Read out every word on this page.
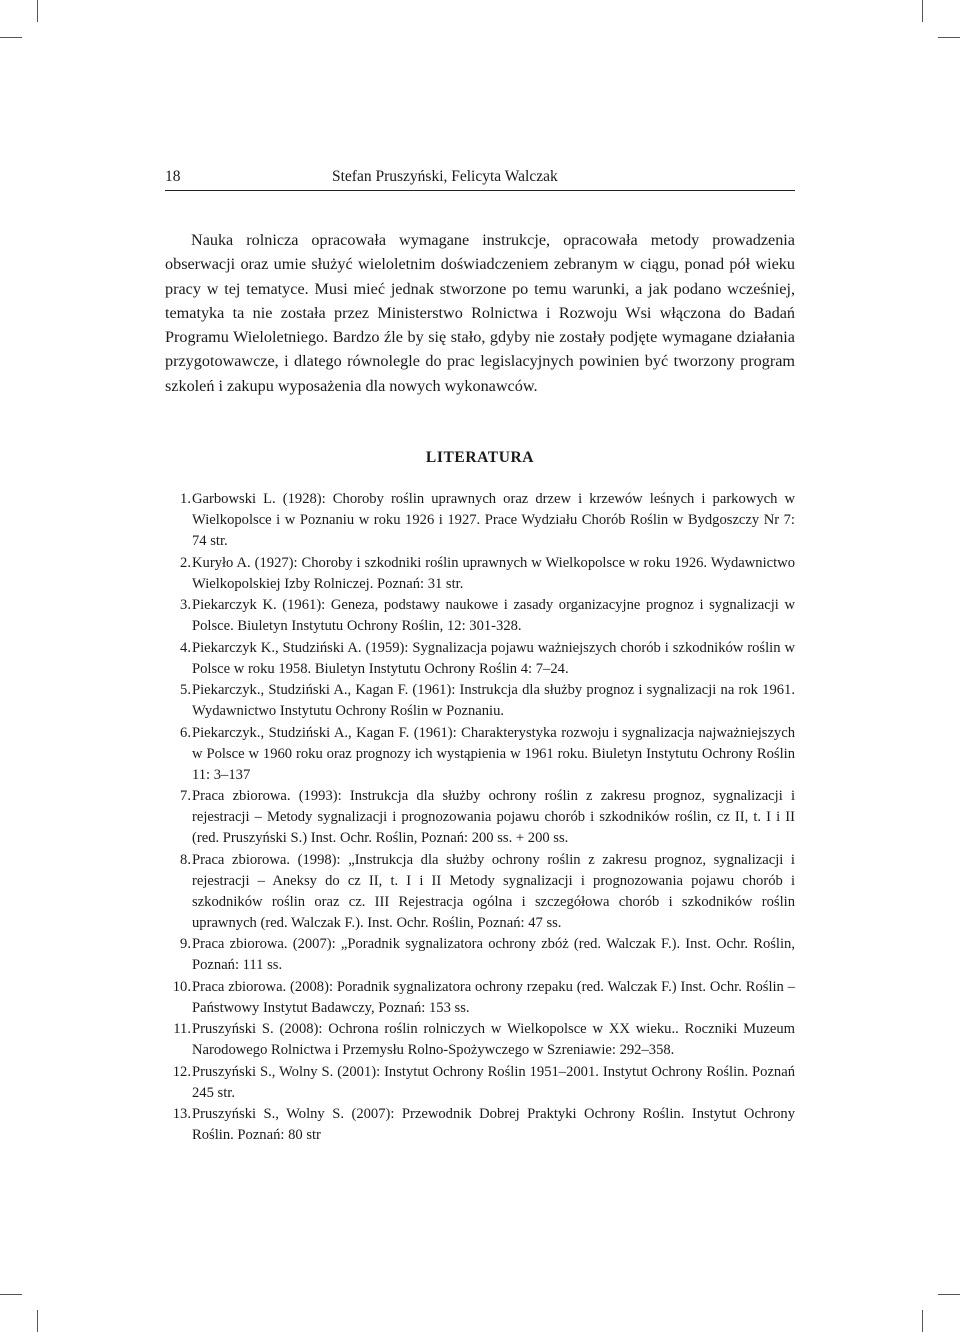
18	Stefan Pruszyński, Felicyta Walczak

Nauka rolnicza opracowała wymagane instrukcje, opracowała metody prowadzenia obserwacji oraz umie służyć wieloletnim doświadczeniem zebranym w ciągu, ponad pół wieku pracy w tej tematyce. Musi mieć jednak stworzone po temu warunki, a jak podano wcześniej, tematyka ta nie została przez Ministerstwo Rolnictwa i Rozwoju Wsi włączona do Badań Programu Wieloletniego. Bardzo źle by się stało, gdyby nie zostały podjęte wymagane działania przygotowawcze, i dlatego równolegle do prac legislacyjnych powinien być tworzony program szkoleń i zakupu wyposażenia dla nowych wykonawców.

LITERATURA
1. Garbowski L. (1928): Choroby roślin uprawnych oraz drzew i krzewów leśnych i parkowych w Wielkopolsce i w Poznaniu w roku 1926 i 1927. Prace Wydziału Chorób Roślin w Bydgoszczy Nr 7: 74 str.
2. Kuryło A. (1927): Choroby i szkodniki roślin uprawnych w Wielkopolsce w roku 1926. Wydawnictwo Wielkopolskiej Izby Rolniczej. Poznań: 31 str.
3. Piekarczyk K. (1961): Geneza, podstawy naukowe i zasady organizacyjne prognoz i sygnalizacji w Polsce. Biuletyn Instytutu Ochrony Roślin, 12: 301-328.
4. Piekarczyk K., Studziński A. (1959): Sygnalizacja pojawu ważniejszych chorób i szkodników roślin w Polsce w roku 1958. Biuletyn Instytutu Ochrony Roślin 4: 7–24.
5. Piekarczyk., Studziński A., Kagan F. (1961): Instrukcja dla służby prognoz i sygnalizacji na rok 1961. Wydawnictwo Instytutu Ochrony Roślin w Poznaniu.
6. Piekarczyk., Studziński A., Kagan F. (1961): Charakterystyka rozwoju i sygnalizacja najważniejszych w Polsce w 1960 roku oraz prognozy ich wystąpienia w 1961 roku. Biuletyn Instytutu Ochrony Roślin 11: 3–137
7. Praca zbiorowa. (1993): Instrukcja dla służby ochrony roślin z zakresu prognoz, sygnalizacji i rejestracji – Metody sygnalizacji i prognozowania pojawu chorób i szkodników roślin, cz II, t. I i II (red. Pruszyński S.) Inst. Ochr. Roślin, Poznań: 200 ss. + 200 ss.
8. Praca zbiorowa. (1998): „Instrukcja dla służby ochrony roślin z zakresu prognoz, sygnalizacji i rejestracji – Aneksy do cz II, t. I i II Metody sygnalizacji i prognozowania pojawu chorób i szkodników roślin oraz cz. III Rejestracja ogólna i szczegółowa chorób i szkodników roślin uprawnych (red. Walczak F.). Inst. Ochr. Roślin, Poznań: 47 ss.
9. Praca zbiorowa. (2007): „Poradnik sygnalizatora ochrony zbóż (red. Walczak F.). Inst. Ochr. Roślin, Poznań: 111 ss.
10. Praca zbiorowa. (2008): Poradnik sygnalizatora ochrony rzepaku (red. Walczak F.) Inst. Ochr. Roślin – Państwowy Instytut Badawczy, Poznań: 153 ss.
11. Pruszyński S. (2008): Ochrona roślin rolniczych w Wielkopolsce w XX wieku.. Roczniki Muzeum Narodowego Rolnictwa i Przemysłu Rolno-Spożywczego w Szreniawie: 292–358.
12. Pruszyński S., Wolny S. (2001): Instytut Ochrony Roślin 1951–2001. Instytut Ochrony Roślin. Poznań 245 str.
13. Pruszyński S., Wolny S. (2007): Przewodnik Dobrej Praktyki Ochrony Roślin. Instytut Ochrony Roślin. Poznań: 80 str
